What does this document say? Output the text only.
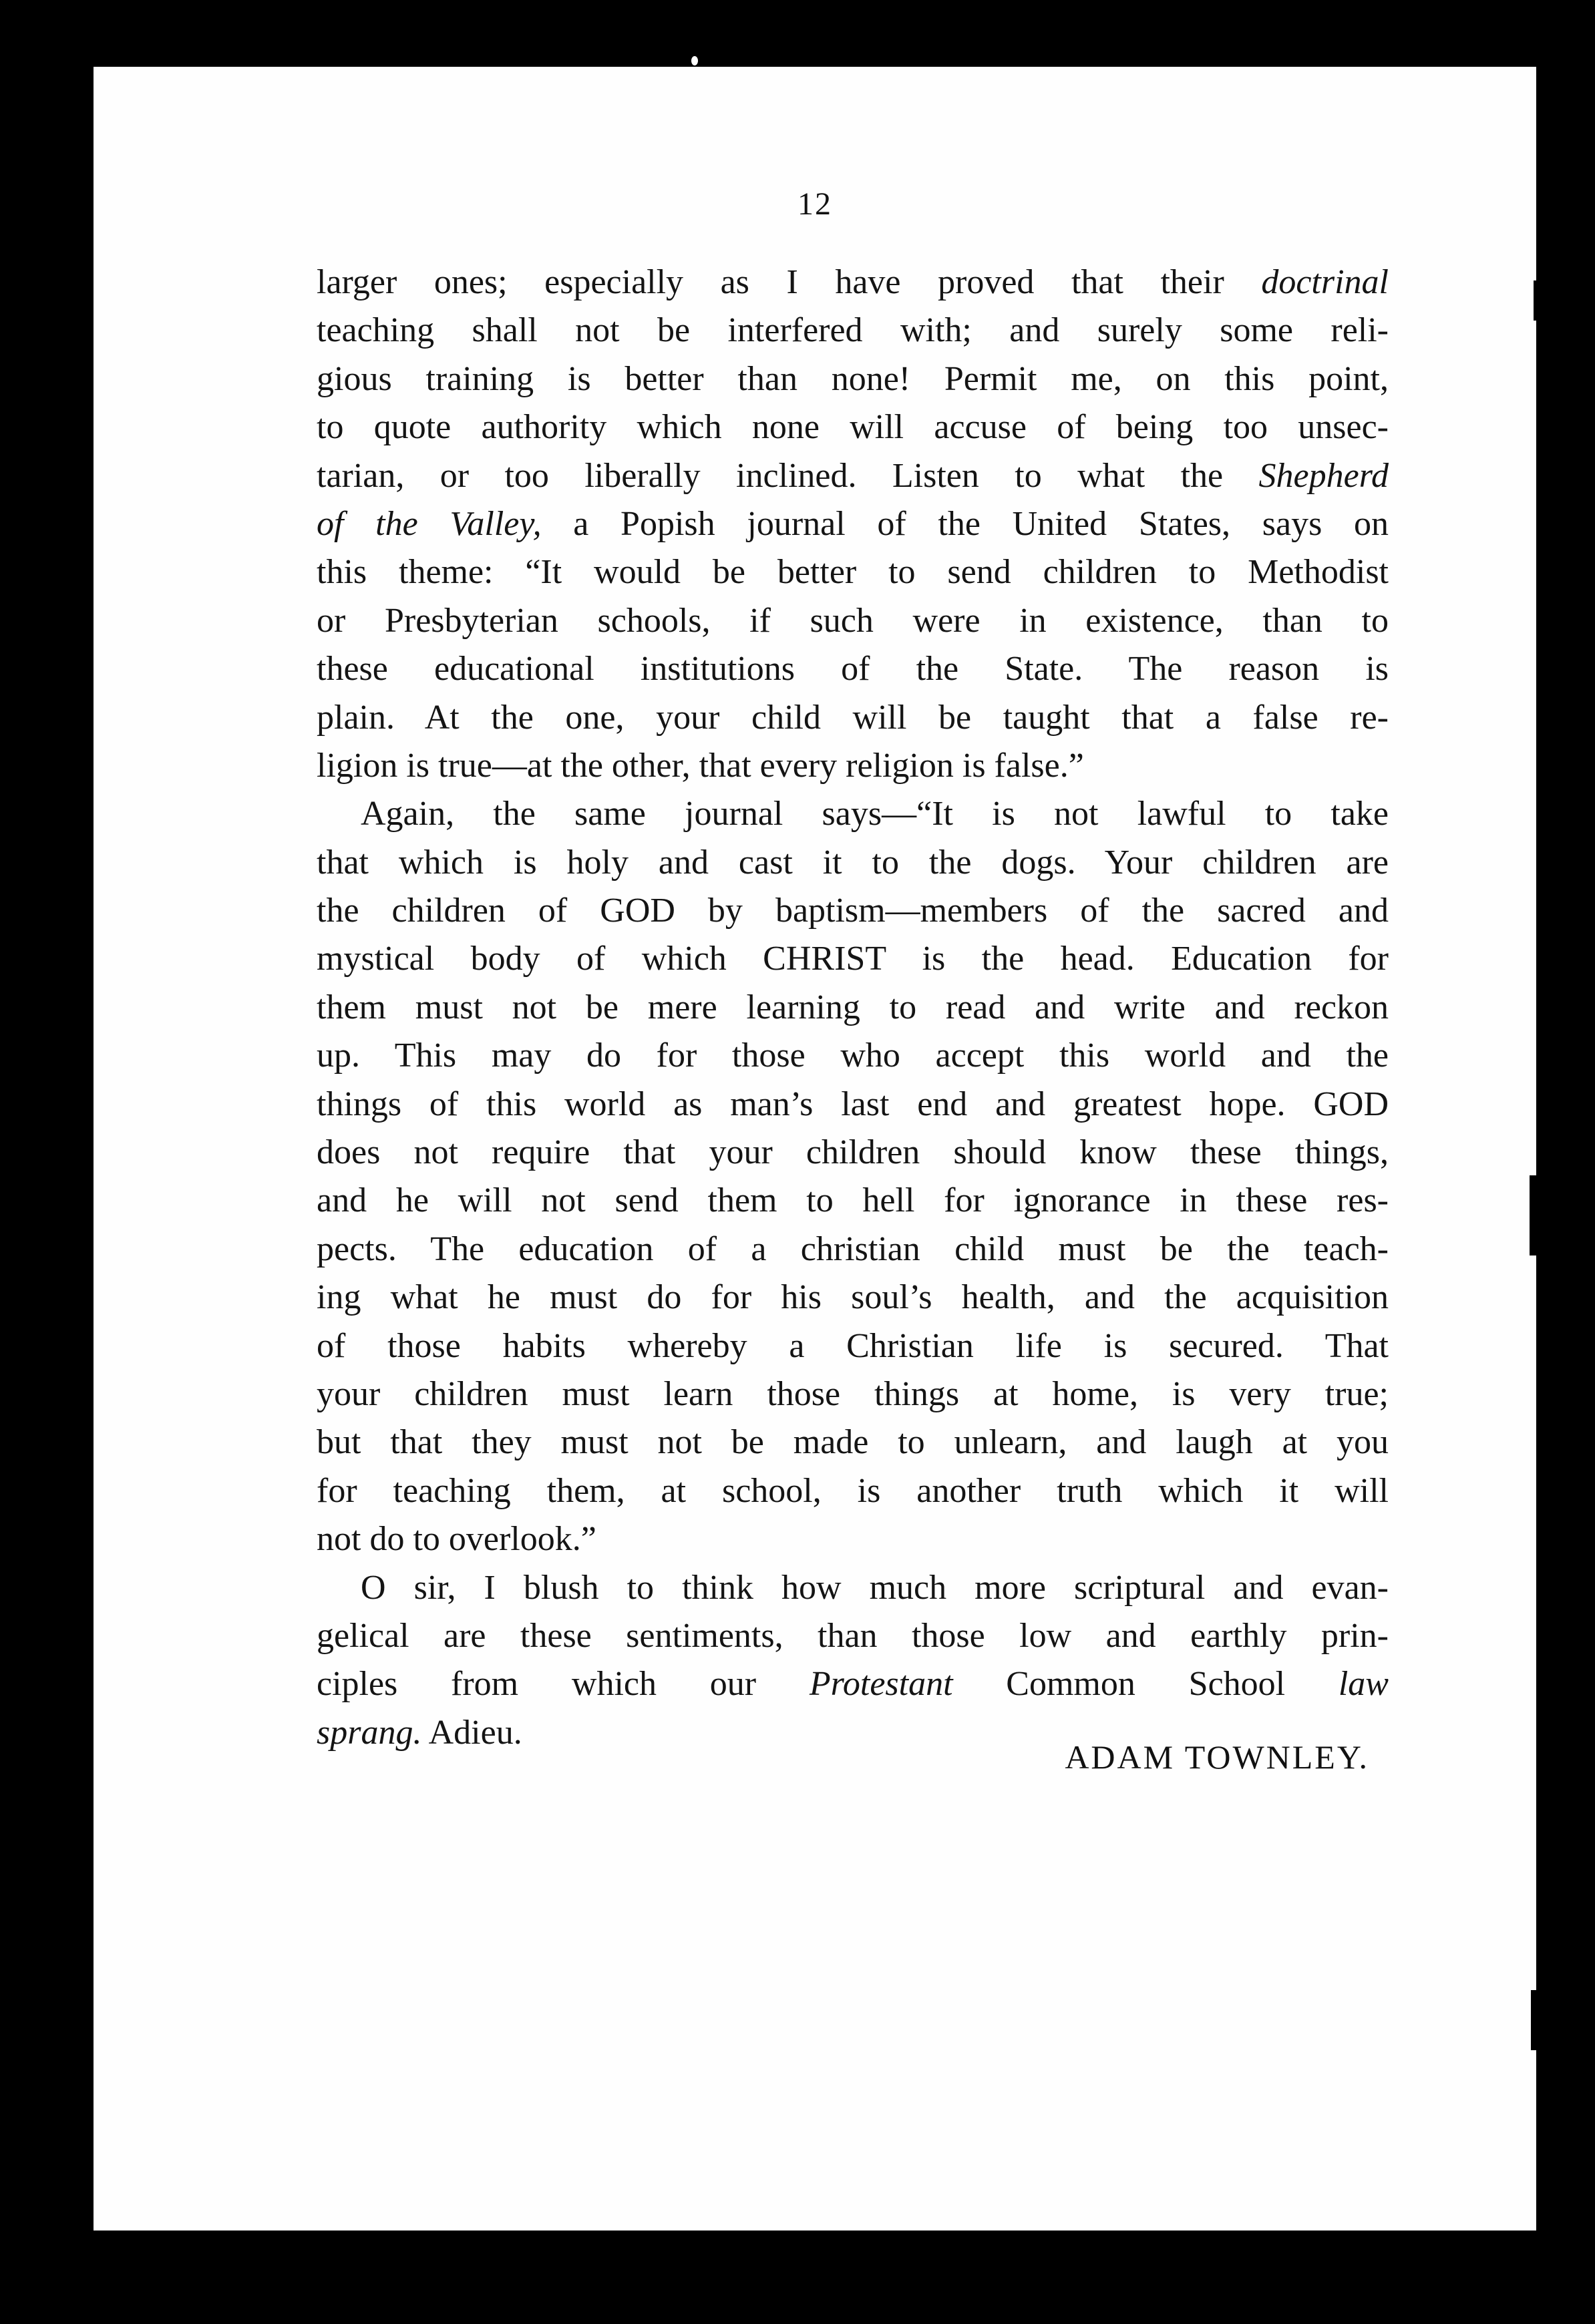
12
larger ones; especially as I have proved that their doctrinal
teaching shall not be interfered with; and surely some reli-
gious training is better than none! Permit me, on this point,
to quote authority which none will accuse of being too unsec-
tarian, or too liberally inclined. Listen to what the Shepherd
of the Valley, a Popish journal of the United States, says on
this theme: “It would be better to send children to Methodist
or Presbyterian schools, if such were in existence, than to
these educational institutions of the State. The reason is
plain. At the one, your child will be taught that a false re-
ligion is true—at the other, that every religion is false.”
Again, the same journal says—“It is not lawful to take
that which is holy and cast it to the dogs. Your children are
the children of GOD by baptism—members of the sacred and
mystical body of which CHRIST is the head. Education for
them must not be mere learning to read and write and reckon
up. This may do for those who accept this world and the
things of this world as man’s last end and greatest hope. GOD
does not require that your children should know these things,
and he will not send them to hell for ignorance in these res-
pects. The education of a christian child must be the teach-
ing what he must do for his soul’s health, and the acquisition
of those habits whereby a Christian life is secured. That
your children must learn those things at home, is very true;
but that they must not be made to unlearn, and laugh at you
for teaching them, at school, is another truth which it will
not do to overlook.”
O sir, I blush to think how much more scriptural and evan-
gelical are these sentiments, than those low and earthly prin-
ciples from which our Protestant Common School law
sprang. Adieu.
ADAM TOWNLEY.
